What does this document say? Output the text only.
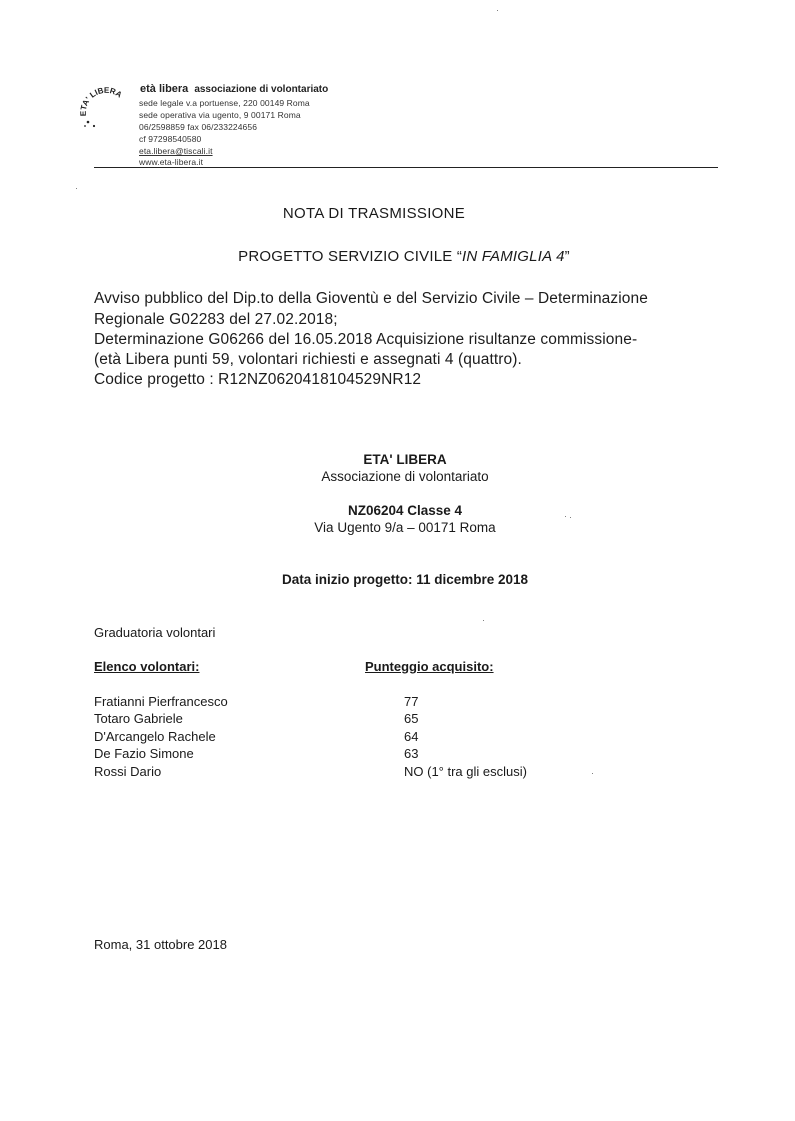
ETA' LIBERA età libera associazione di volontariato
sede legale v.a portuense, 220 00149 Roma
sede operativa via ugento, 9 00171 Roma
06/2598859 fax 06/233224656
cf 97298540580
eta.libera@tiscali.it
www.eta-libera.it
NOTA DI TRASMISSIONE
PROGETTO SERVIZIO CIVILE “IN FAMIGLIA 4”
Avviso pubblico del Dip.to della Gioventù e del Servizio Civile – Determinazione
Regionale G02283 del 27.02.2018;
Determinazione G06266 del 16.05.2018 Acquisizione risultanze commissione-
(età Libera punti 59, volontari richiesti e assegnati 4 (quattro).
Codice progetto : R12NZ0620418104529NR12
ETA' LIBERA
Associazione di volontariato
NZ06204 Classe 4
Via Ugento 9/a – 00171 Roma
Data inizio progetto: 11 dicembre 2018
Graduatoria volontari
Elenco volontari:	Punteggio acquisito:
Fratianni Pierfrancesco	77
Totaro Gabriele	65
D'Arcangelo Rachele	64
De Fazio Simone	63
Rossi Dario	NO (1° tra gli esclusi)
Roma, 31 ottobre 2018
